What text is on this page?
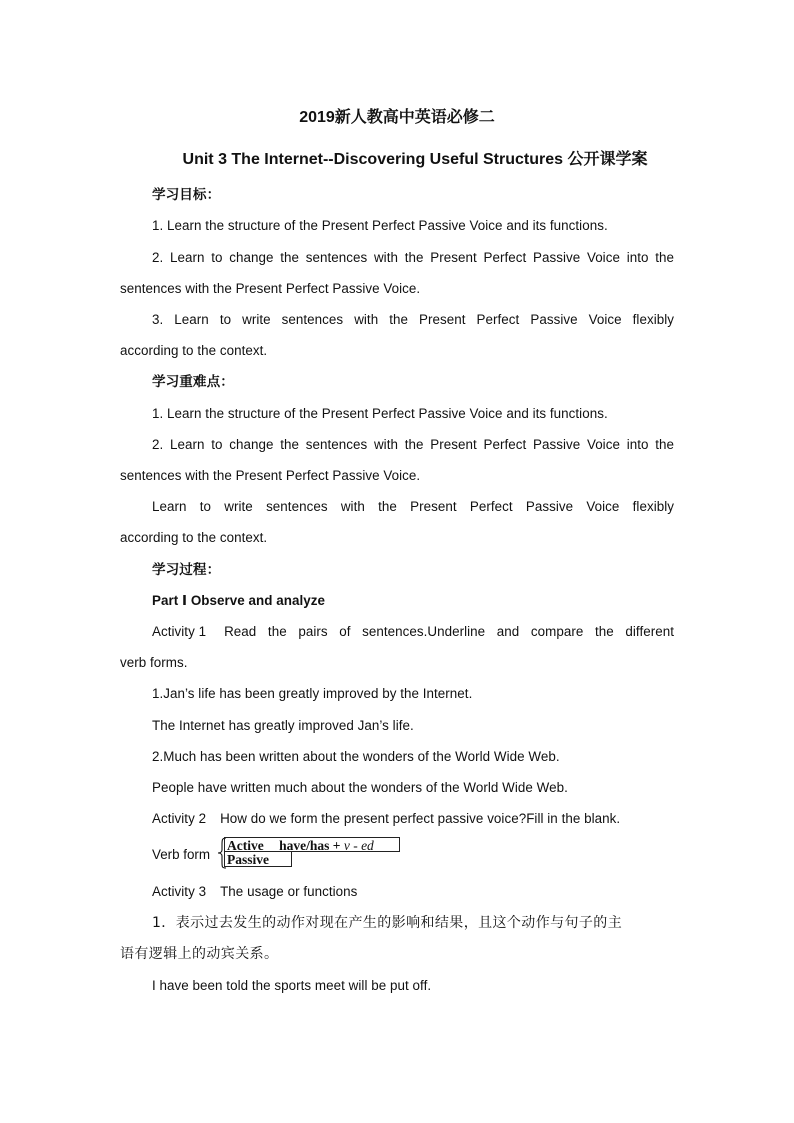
2019新人教高中英语必修二
Unit 3 The Internet--Discovering Useful Structures 公开课学案
学习目标：
1. Learn the structure of the Present Perfect Passive Voice and its functions.
2. Learn to change the sentences with the Present Perfect Passive Voice into the
sentences with the Present Perfect Passive Voice.
3. Learn to write sentences with the Present Perfect Passive Voice flexibly
according to the context.
学习重难点：
1. Learn the structure of the Present Perfect Passive Voice and its functions.
2. Learn to change the sentences with the Present Perfect Passive Voice into the
sentences with the Present Perfect Passive Voice.
Learn to write sentences with the Present Perfect Passive Voice flexibly
according to the context.
学习过程：
Part Ⅰ Observe and analyze
Activity 1 Read the pairs of sentences.Underline and compare the different
verb forms.
1.Jan’s life has been greatly improved by the Internet.
The Internet has greatly improved Jan’s life.
2.Much has been written about the wonders of the World Wide Web.
People have written much about the wonders of the World Wide Web.
Activity 2 How do we form the present perfect passive voice?Fill in the blank.
Verb form
Active have/has + v - ed
Passive
Activity 3 The usage or functions
1．表示过去发生的动作对现在产生的影响和结果，且这个动作与句子的主
语有逻辑上的动宾关系。
I have been told the sports meet will be put off.
